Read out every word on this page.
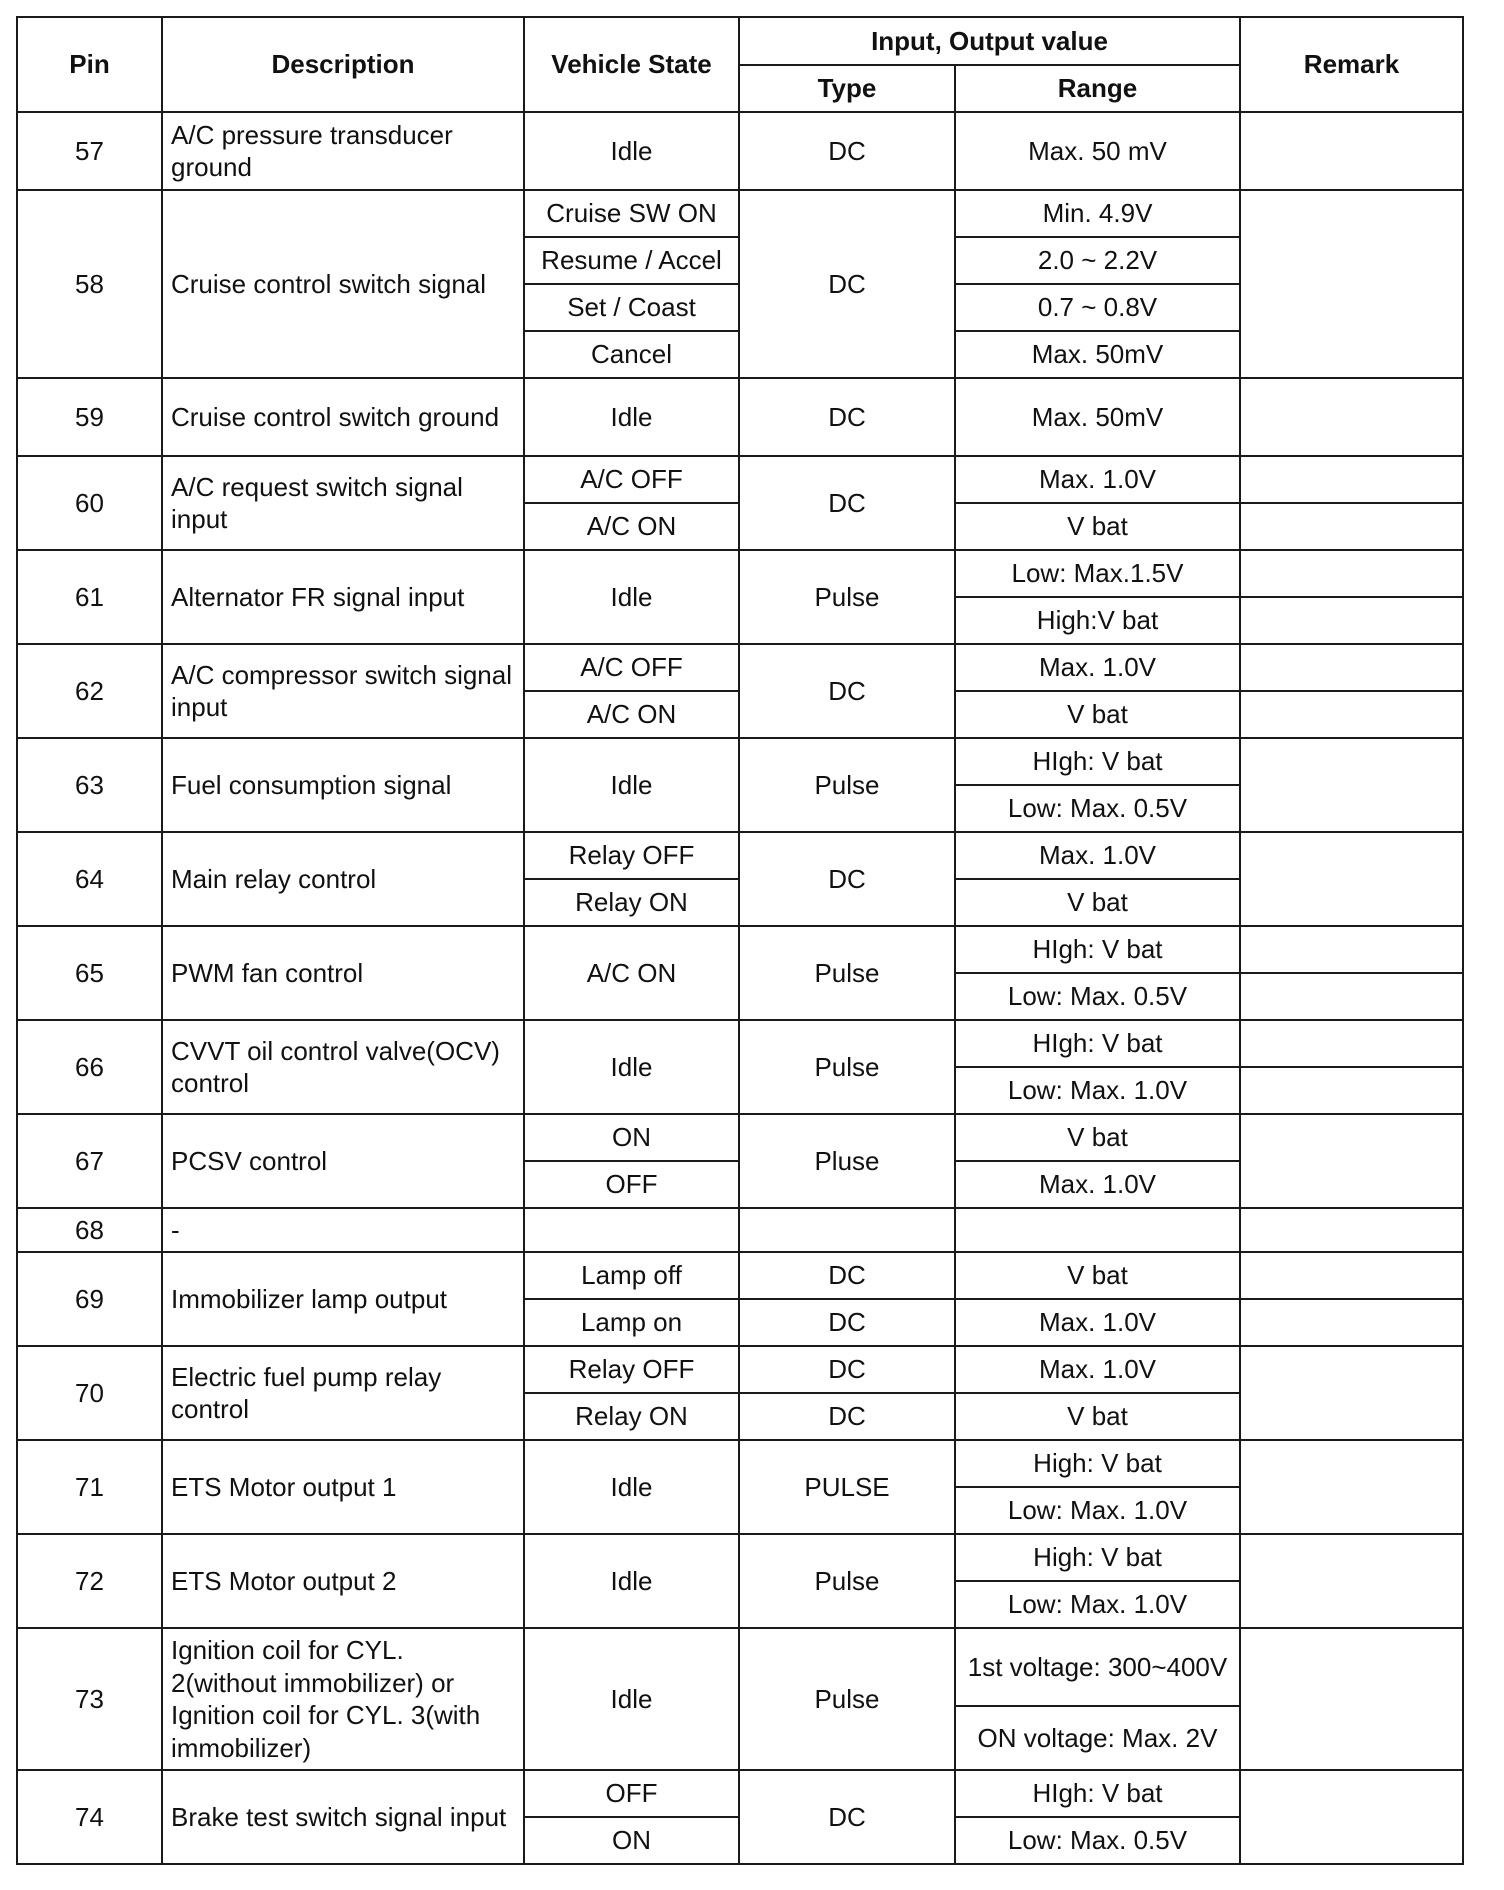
Pin	Description	Vehicle State	Input, Output value		Remark
			Type	Range	
57	A/C pressure transducer ground	Idle	DC	Max. 50 mV	
58	Cruise control switch signal	Cruise SW ON	DC	Min. 4.9V	
		Resume / Accel		2.0 ~ 2.2V	
		Set / Coast		0.7 ~ 0.8V	
		Cancel		Max. 50mV	
59	Cruise control switch ground	Idle	DC	Max. 50mV	
60	A/C request switch signal input	A/C OFF	DC	Max. 1.0V	
		A/C ON		V bat	
61	Alternator FR signal input	Idle	Pulse	Low: Max.1.5V	
				High:V bat	
62	A/C compressor switch signal input	A/C OFF	DC	Max. 1.0V	
		A/C ON		V bat	
63	Fuel consumption signal	Idle	Pulse	HIgh: V bat	
				Low: Max. 0.5V	
64	Main relay control	Relay OFF	DC	Max. 1.0V	
		Relay ON		V bat	
65	PWM fan control	A/C ON	Pulse	HIgh: V bat	
				Low: Max. 0.5V	
66	CVVT oil control valve(OCV) control	Idle	Pulse	HIgh: V bat	
				Low: Max. 1.0V	
67	PCSV control	ON	Pluse	V bat	
		OFF		Max. 1.0V	
68	-				
69	Immobilizer lamp output	Lamp off	DC	V bat	
		Lamp on	DC	Max. 1.0V	
70	Electric fuel pump relay control	Relay OFF	DC	Max. 1.0V	
		Relay ON	DC	V bat	
71	ETS Motor output 1	Idle	PULSE	High: V bat	
				Low: Max. 1.0V	
72	ETS Motor output 2	Idle	Pulse	High: V bat	
				Low: Max. 1.0V	
73	Ignition coil for CYL. 2(without immobilizer) or Ignition coil for CYL. 3(with immobilizer)	Idle	Pulse	1st voltage: 300~400V	
				ON voltage: Max. 2V	
74	Brake test switch signal input	OFF	DC	HIgh: V bat	
		ON		Low: Max. 0.5V	
